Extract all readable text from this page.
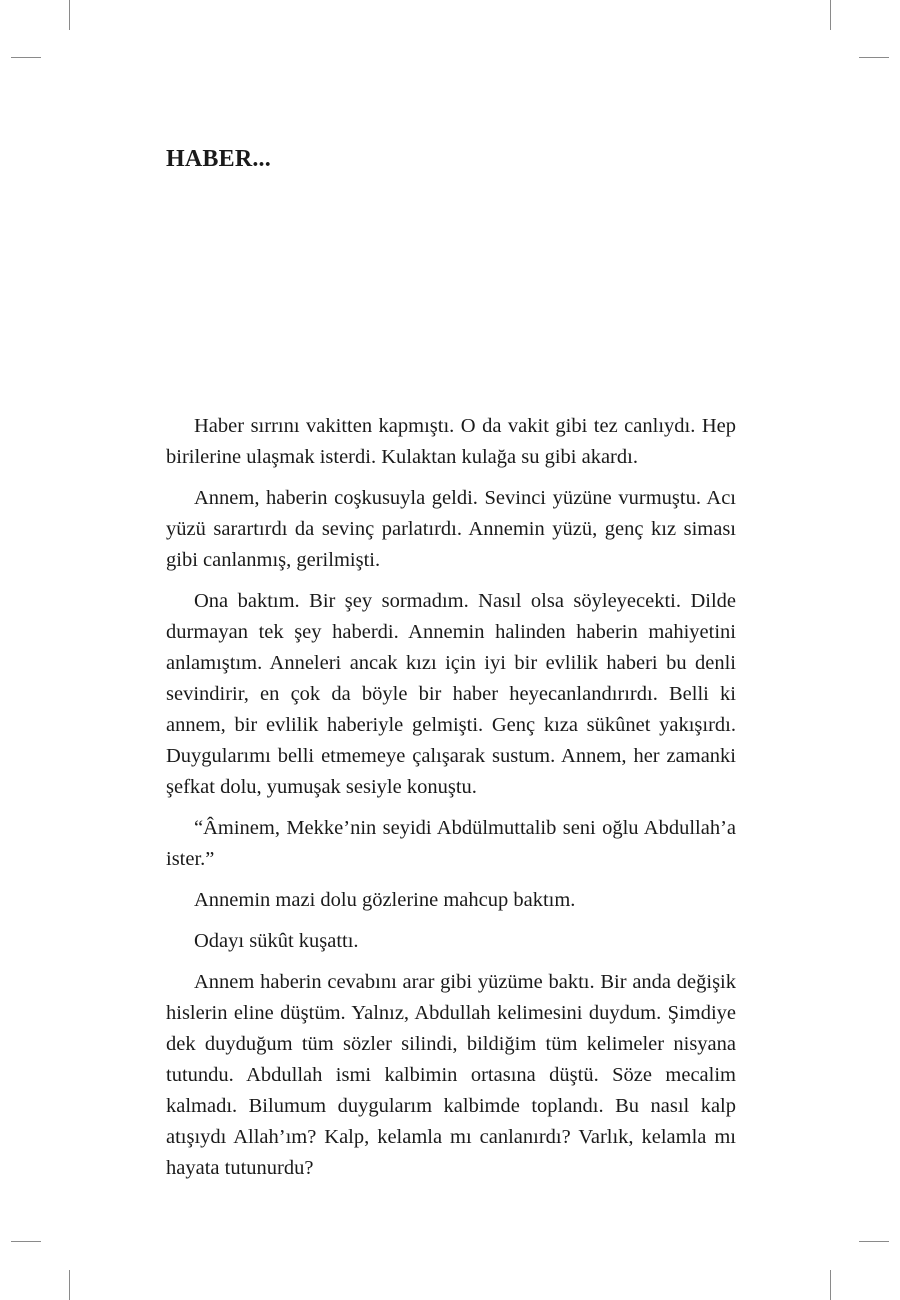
HABER...

Haber sırrını vakitten kapmıştı. O da vakit gibi tez canlıydı. Hep birilerine ulaşmak isterdi. Kulaktan kulağa su gibi akardı.

Annem, haberin coşkusuyla geldi. Sevinci yüzüne vurmuştu. Acı yüzü sarartırdı da sevinç parlatırdı. Annemin yüzü, genç kız siması gibi canlanmış, gerilmişti.

Ona baktım. Bir şey sormadım. Nasıl olsa söyleyecekti. Dilde durmayan tek şey haberdi. Annemin halinden haberin mahiyetini anlamıştım. Anneleri ancak kızı için iyi bir evlilik haberi bu denli sevindirir, en çok da böyle bir haber heyecanlandırırdı. Belli ki annem, bir evlilik haberiyle gelmişti. Genç kıza sükûnet yakışırdı. Duygularımı belli etmemeye çalışarak sustum. Annem, her zamanki şefkat dolu, yumuşak sesiyle konuştu.

“Âminem, Mekke’nin seyidi Abdülmuttalib seni oğlu Abdullah’a ister.”

Annemin mazi dolu gözlerine mahcup baktım.

Odayı sükût kuşattı.

Annem haberin cevabını arar gibi yüzüme baktı. Bir anda değişik hislerin eline düştüm. Yalnız, Abdullah kelimesini duydum. Şimdiye dek duyduğum tüm sözler silindi, bildiğim tüm kelimeler nisyana tutundu. Abdullah ismi kalbimin ortasına düştü. Söze mecalim kalmadı. Bilumum duygularım kalbimde toplandı. Bu nasıl kalp atışıydı Allah’ım? Kalp, kelamla mı canlanırdı? Varlık, kelamla mı hayata tutunurdu?
